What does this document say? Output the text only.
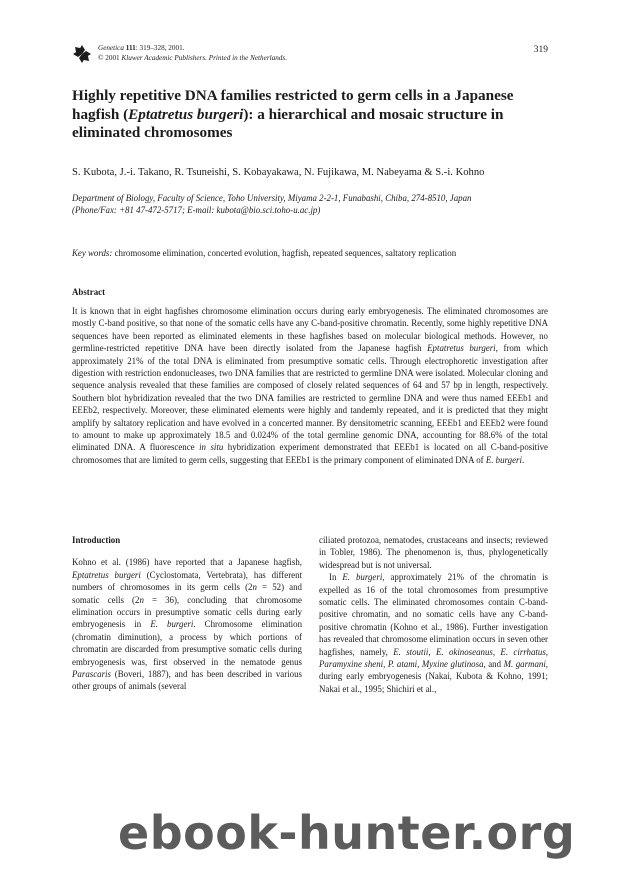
Genetica 111: 319–328, 2001.
© 2001 Kluwer Academic Publishers. Printed in the Netherlands.
319
Highly repetitive DNA families restricted to germ cells in a Japanese hagfish (Eptatretus burgeri): a hierarchical and mosaic structure in eliminated chromosomes
S. Kubota, J.-i. Takano, R. Tsuneishi, S. Kobayakawa, N. Fujikawa, M. Nabeyama & S.-i. Kohno
Department of Biology, Faculty of Science, Toho University, Miyama 2-2-1, Funabashi, Chiba, 274-8510, Japan
(Phone/Fax: +81 47-472-5717; E-mail: kubota@bio.sci.toho-u.ac.jp)
Key words: chromosome elimination, concerted evolution, hagfish, repeated sequences, saltatory replication
Abstract

It is known that in eight hagfishes chromosome elimination occurs during early embryogenesis. The eliminated chromosomes are mostly C-band positive, so that none of the somatic cells have any C-band-positive chromatin. Recently, some highly repetitive DNA sequences have been reported as eliminated elements in these hagfishes based on molecular biological methods. However, no germline-restricted repetitive DNA have been directly isolated from the Japanese hagfish Eptatretus burgeri, from which approximately 21% of the total DNA is eliminated from presumptive somatic cells. Through electrophoretic investigation after digestion with restriction endonucleases, two DNA families that are restricted to germline DNA were isolated. Molecular cloning and sequence analysis revealed that these families are composed of closely related sequences of 64 and 57 bp in length, respectively. Southern blot hybridization revealed that the two DNA families are restricted to germline DNA and were thus named EEEb1 and EEEb2, respectively. Moreover, these eliminated elements were highly and tandemly repeated, and it is predicted that they might amplify by saltatory replication and have evolved in a concerted manner. By densitometric scanning, EEEb1 and EEEb2 were found to amount to make up approximately 18.5 and 0.024% of the total germline genomic DNA, accounting for 88.6% of the total eliminated DNA. A fluorescence in situ hybridization experiment demonstrated that EEEb1 is located on all C-band-positive chromosomes that are limited to germ cells, suggesting that EEEb1 is the primary component of eliminated DNA of E. burgeri.

Introduction

Kohno et al. (1986) have reported that a Japanese hagfish, Eptatretus burgeri (Cyclostomata, Vertebrata), has different numbers of chromosomes in its germ cells (2n = 52) and somatic cells (2n = 36), concluding that chromosome elimination occurs in presumptive somatic cells during early embryogenesis in E. burgeri. Chromosome elimination (chromatin diminution), a process by which portions of chromatin are discarded from presumptive somatic cells during embryogenesis was, first observed in the nematode genus Parascaris (Boveri, 1887), and has been described in various other groups of animals (several

ciliated protozoa, nematodes, crustaceans and insects; reviewed in Tobler, 1986). The phenomenon is, thus, phylogenetically widespread but is not universal.

In E. burgeri, approximately 21% of the chromatin is expelled as 16 of the total chromosomes from presumptive somatic cells. The eliminated chromosomes contain C-band-positive chromatin, and no somatic cells have any C-band-positive chromatin (Kohno et al., 1986). Further investigation has revealed that chromosome elimination occurs in seven other hagfishes, namely, E. stoutii, E. okinoseanus, E. cirrhatus, Paramyxine sheni, P. atami, Myxine glutinosa, and M. garmani, during early embryogenesis (Nakai, Kubota & Kohno, 1991; Nakai et al., 1995; Shichiri et al.,

ebook-hunter.org
